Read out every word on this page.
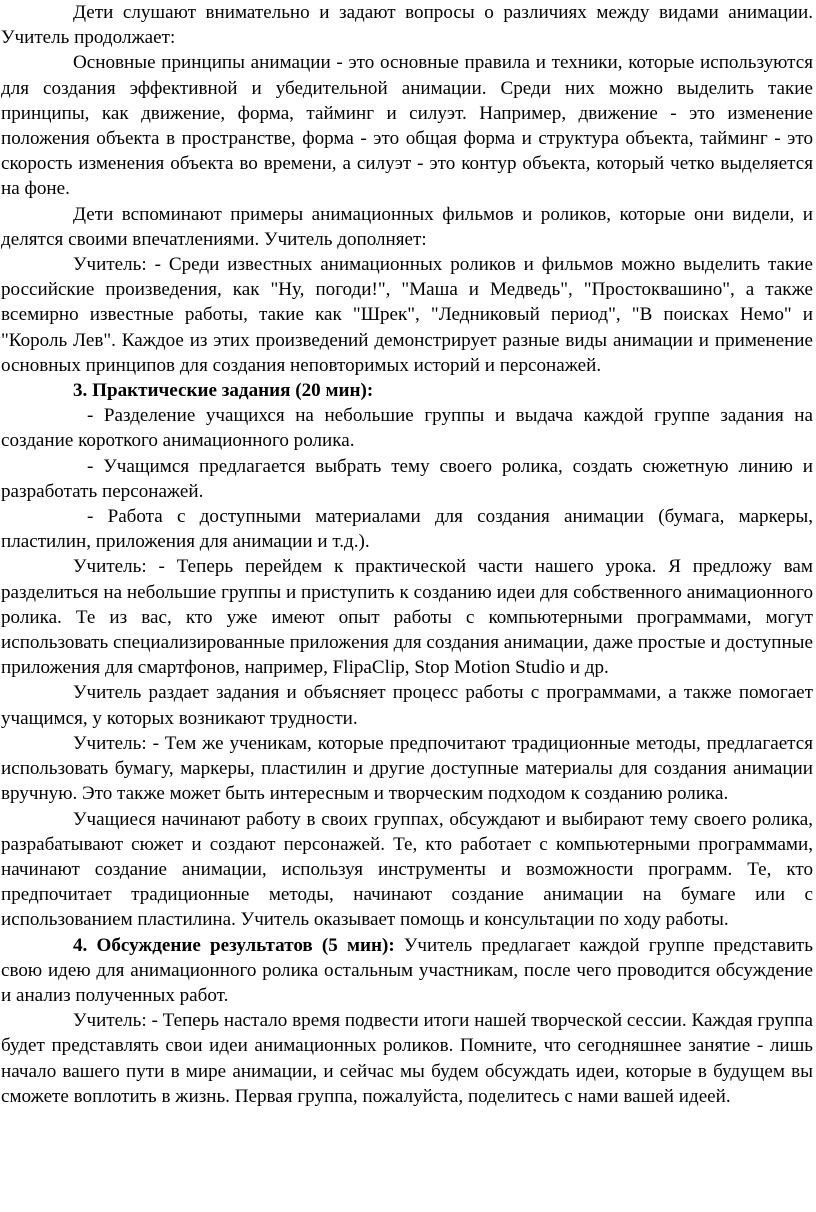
Дети слушают внимательно и задают вопросы о различиях между видами анимации. Учитель продолжает:

Основные принципы анимации - это основные правила и техники, которые используются для создания эффективной и убедительной анимации. Среди них можно выделить такие принципы, как движение, форма, тайминг и силуэт. Например, движение - это изменение положения объекта в пространстве, форма - это общая форма и структура объекта, тайминг - это скорость изменения объекта во времени, а силуэт - это контур объекта, который четко выделяется на фоне.

Дети вспоминают примеры анимационных фильмов и роликов, которые они видели, и делятся своими впечатлениями. Учитель дополняет:

Учитель: - Среди известных анимационных роликов и фильмов можно выделить такие российские произведения, как "Ну, погоди!", "Маша и Медведь", "Простоквашино", а также всемирно известные работы, такие как "Шрек", "Ледниковый период", "В поисках Немо" и "Король Лев". Каждое из этих произведений демонстрирует разные виды анимации и применение основных принципов для создания неповторимых историй и персонажей.

3. Практические задания (20 мин):

- Разделение учащихся на небольшие группы и выдача каждой группе задания на создание короткого анимационного ролика.

- Учащимся предлагается выбрать тему своего ролика, создать сюжетную линию и разработать персонажей.

- Работа с доступными материалами для создания анимации (бумага, маркеры, пластилин, приложения для анимации и т.д.).

Учитель: - Теперь перейдем к практической части нашего урока. Я предложу вам разделиться на небольшие группы и приступить к созданию идеи для собственного анимационного ролика. Те из вас, кто уже имеют опыт работы с компьютерными программами, могут использовать специализированные приложения для создания анимации, даже простые и доступные приложения для смартфонов, например, FlipaClip, Stop Motion Studio и др.

Учитель раздает задания и объясняет процесс работы с программами, а также помогает учащимся, у которых возникают трудности.

Учитель: - Тем же ученикам, которые предпочитают традиционные методы, предлагается использовать бумагу, маркеры, пластилин и другие доступные материалы для создания анимации вручную. Это также может быть интересным и творческим подходом к созданию ролика.

Учащиеся начинают работу в своих группах, обсуждают и выбирают тему своего ролика, разрабатывают сюжет и создают персонажей. Те, кто работает с компьютерными программами, начинают создание анимации, используя инструменты и возможности программ. Те, кто предпочитает традиционные методы, начинают создание анимации на бумаге или с использованием пластилина. Учитель оказывает помощь и консультации по ходу работы.

4. Обсуждение результатов (5 мин): Учитель предлагает каждой группе представить свою идею для анимационного ролика остальным участникам, после чего проводится обсуждение и анализ полученных работ.

Учитель: - Теперь настало время подвести итоги нашей творческой сессии. Каждая группа будет представлять свои идеи анимационных роликов. Помните, что сегодняшнее занятие - лишь начало вашего пути в мире анимации, и сейчас мы будем обсуждать идеи, которые в будущем вы сможете воплотить в жизнь. Первая группа, пожалуйста, поделитесь с нами вашей идеей.
